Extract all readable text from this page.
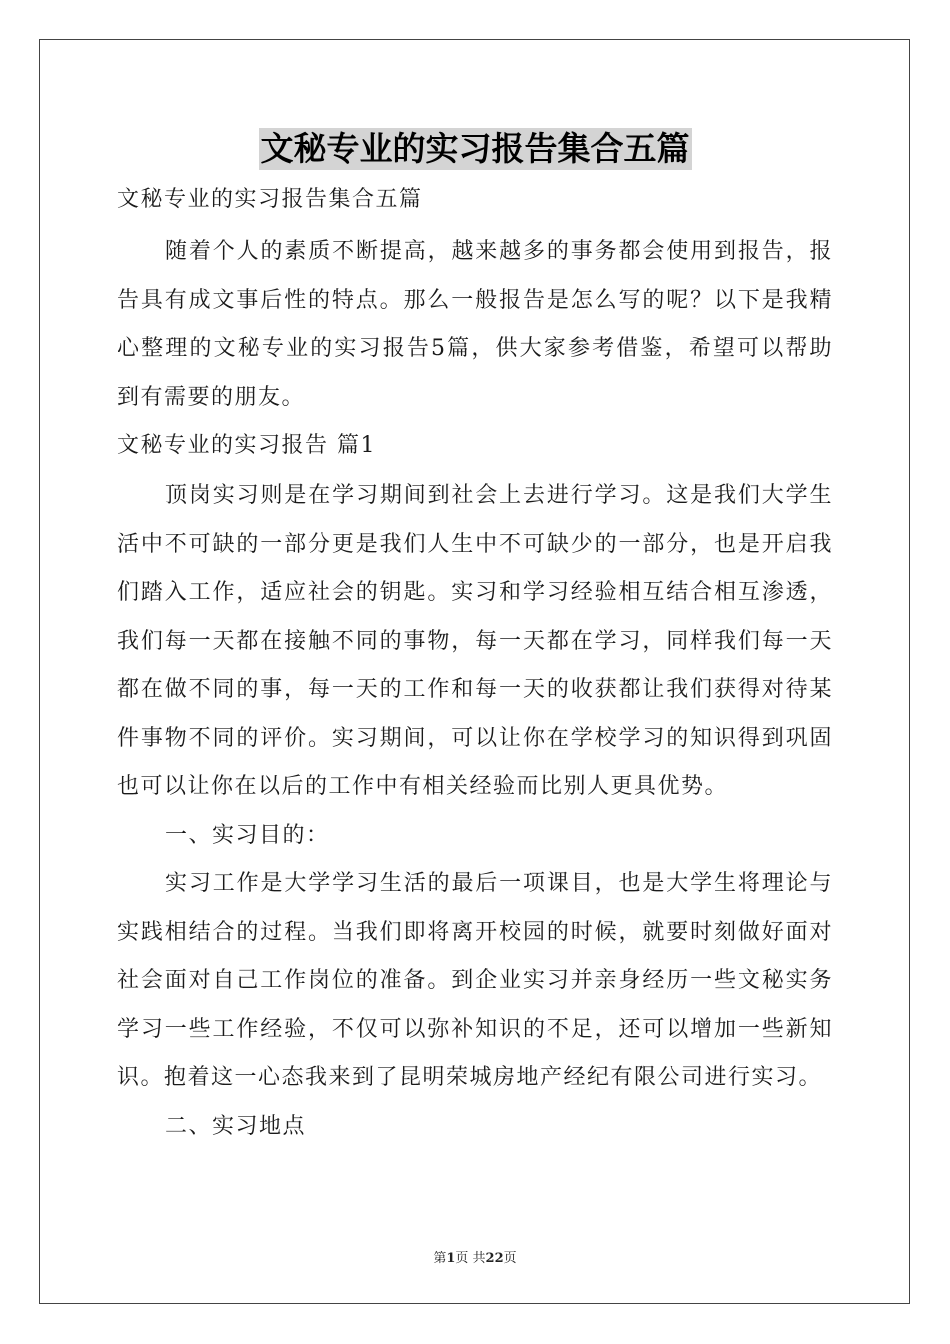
文秘专业的实习报告集合五篇

文秘专业的实习报告集合五篇

随着个人的素质不断提高，越来越多的事务都会使用到报告，报告具有成文事后性的特点。那么一般报告是怎么写的呢？以下是我精心整理的文秘专业的实习报告5篇，供大家参考借鉴，希望可以帮助到有需要的朋友。

文秘专业的实习报告 篇1

顶岗实习则是在学习期间到社会上去进行学习。这是我们大学生活中不可缺的一部分更是我们人生中不可缺少的一部分，也是开启我们踏入工作，适应社会的钥匙。实习和学习经验相互结合相互渗透，我们每一天都在接触不同的事物，每一天都在学习，同样我们每一天都在做不同的事，每一天的工作和每一天的收获都让我们获得对待某件事物不同的评价。实习期间，可以让你在学校学习的知识得到巩固也可以让你在以后的工作中有相关经验而比别人更具优势。

一、实习目的：

实习工作是大学学习生活的最后一项课目，也是大学生将理论与实践相结合的过程。当我们即将离开校园的时候，就要时刻做好面对社会面对自己工作岗位的准备。到企业实习并亲身经历一些文秘实务学习一些工作经验，不仅可以弥补知识的不足，还可以增加一些新知识。抱着这一心态我来到了昆明荣城房地产经纪有限公司进行实习。

二、实习地点

第1页 共22页
